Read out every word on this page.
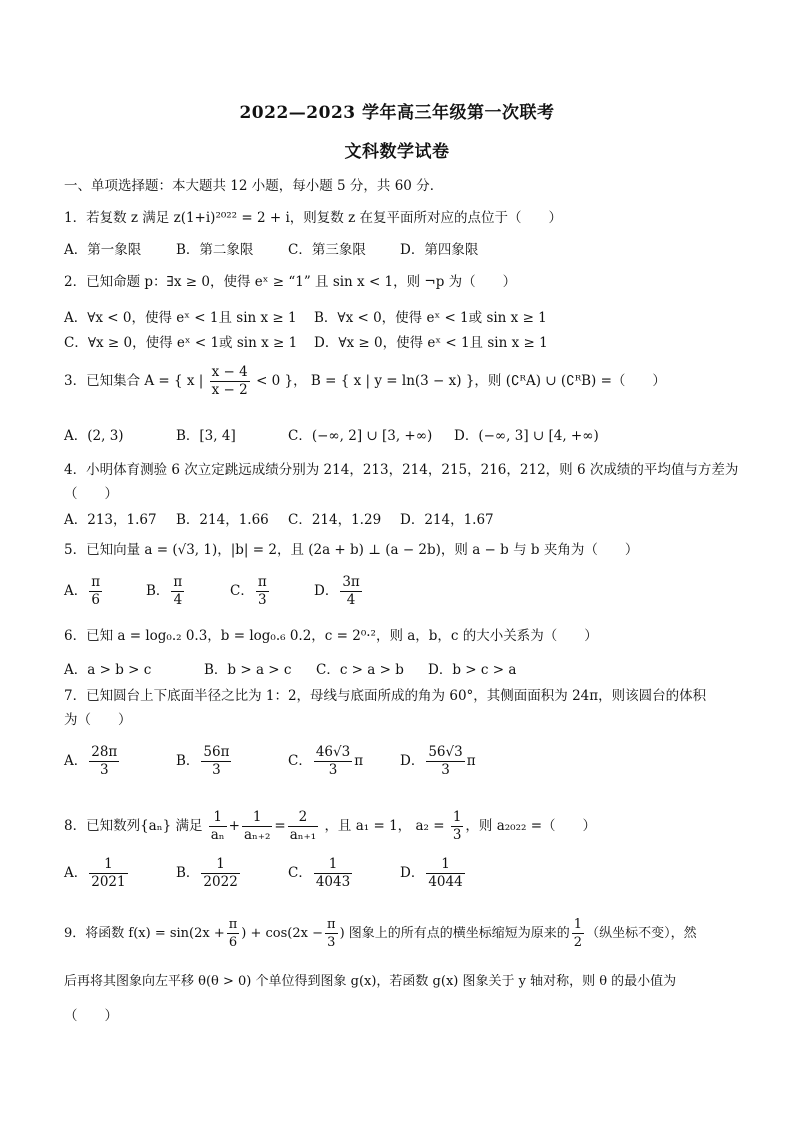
2022—2023 学年高三年级第一次联考
文科数学试卷
一、单项选择题：本大题共 12 小题，每小题 5 分，共 60 分．
1．若复数 z 满足 z(1+i)²⁰²² = 2 + i，则复数 z 在复平面所对应的点位于（　　）
A．第一象限	B．第二象限	C．第三象限	D．第四象限
2．已知命题 p：∃x ≥ 0，使得 eˣ ≥ “1” 且 sin x < 1，则 ¬p 为（　　）
A．∀x < 0，使得 eˣ < 1且 sin x ≥ 1 B．∀x < 0，使得 eˣ < 1或 sin x ≥ 1
C．∀x ≥ 0，使得 eˣ < 1或 sin x ≥ 1 D．∀x ≥ 0，使得 eˣ < 1且 sin x ≥ 1
3．已知集合 A = { x | $\frac{x - 4}{x - 2} < 0$ }， B = { x | y = ln(3 − x) }，则 (∁ᴿA) ∪ (∁ᴿB) =（　　）
A．(2, 3)	B．[3, 4]	C．(−∞, 2] ∪ [3, +∞) D．(−∞, 3] ∪ [4, +∞)
4．小明体育测验 6 次立定跳远成绩分别为 214，213，214，215，216，212，则 6 次成绩的平均值与方差为
（　　）
A．213，1.67 B．214，1.66 C．214，1.29 D．214，1.67
5．已知向量 a = (√3, 1)，|b| = 2，且 (2a + b) ⊥ (a − 2b)，则 a − b 与 b 夹角为（　　）
A． $\frac{\pi}{6}$	B． $\frac{\pi}{4}$	C． $\frac{\pi}{3}$	D． $\frac{3\pi}{4}$
6．已知 a = log₀.₂ 0.3，b = log₀.₆ 0.2，c = 2⁰·²，则 a，b，c 的大小关系为（　　）
A．a > b > c	B．b > a > c C．c > a > b D．b > c > a
7．已知圆台上下底面半径之比为 1：2，母线与底面所成的角为 60°，其侧面面积为 24π，则该圆台的体积
为（　　）
A． $\frac{28\pi}{3}$	B． $\frac{56\pi}{3}$	C． $\frac{46√3}{3}$ π	D． $\frac{56√3}{3}$ π
8．已知数列{aₙ} 满足 $\frac{1}{\text{aₙ}} + \frac{1}{\text{aₙ₊₂}} = \frac{2}{\text{aₙ₊₁}}$ ，且 a₁ = 1， $a_2 = \frac{1}{3}$ ，则 a₂₀₂₂ =（　　）
A． $\frac{1}{2021}$	B． $\frac{1}{2022}$	C． $\frac{1}{4043}$	D． $\frac{1}{4044}$
9．将函数 $f(x) = \sin(2x + \frac{\pi}{6}$ ) + $\cos(2x - \frac{\pi}{3}$ ) 图象上的所有点的横坐标缩短为原来的 $\frac{1}{2}$ （纵坐标不变），然
后再将其图象向左平移 θ(θ > 0) 个单位得到图象 g(x)，若函数 g(x) 图象关于 y 轴对称，则 θ 的最小值为
（　　）
